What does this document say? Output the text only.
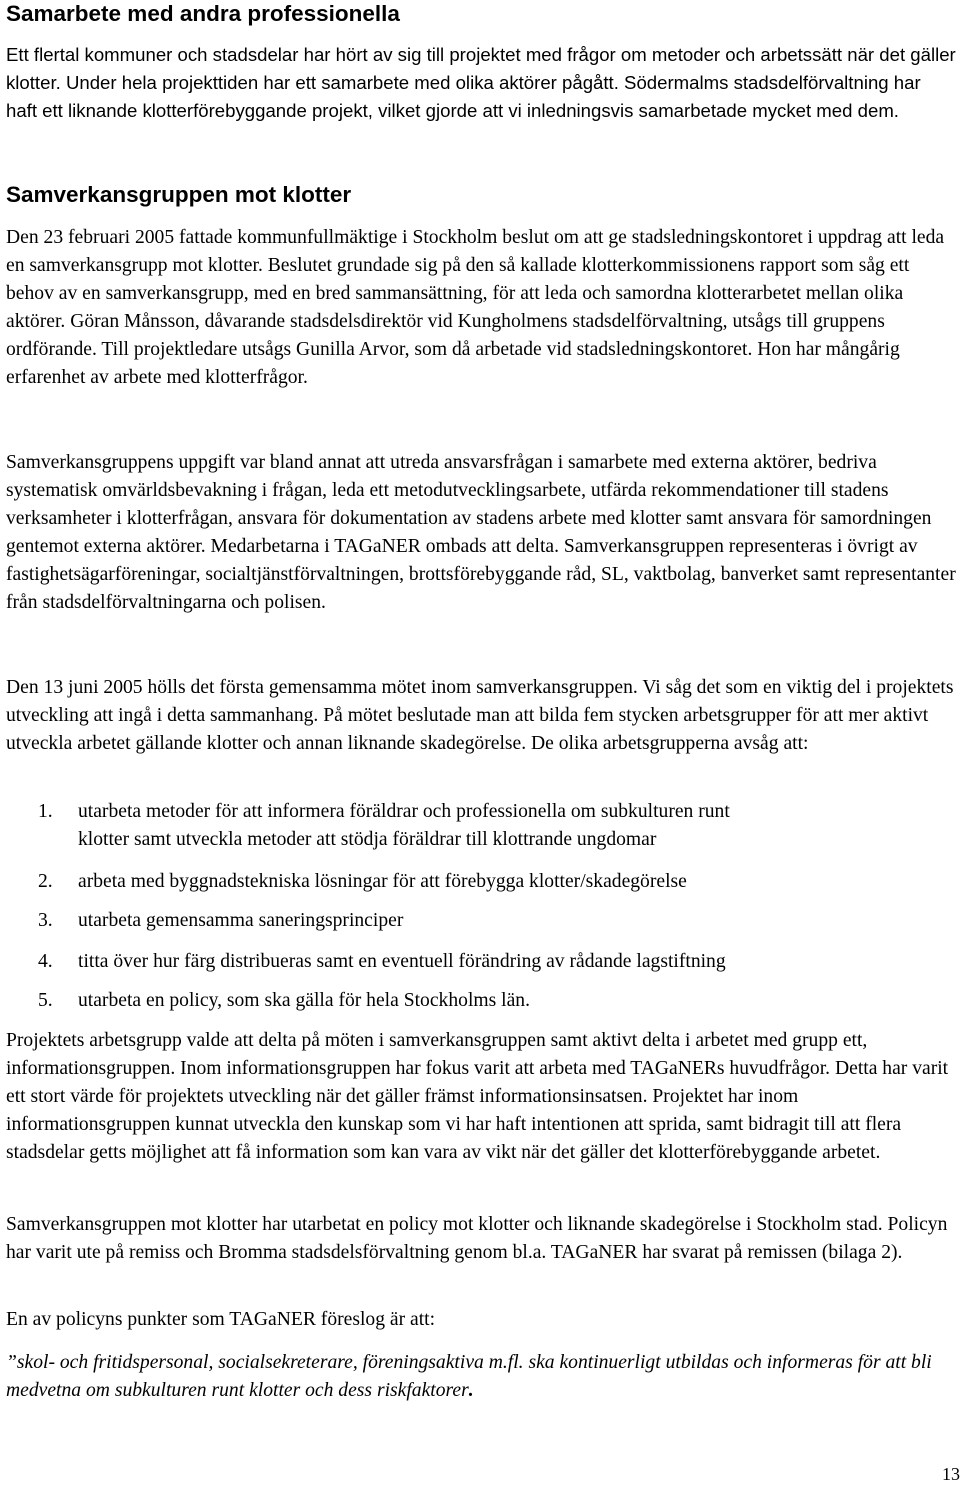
Samarbete med andra professionella

Ett flertal kommuner och stadsdelar har hört av sig till projektet med frågor om metoder och arbetssätt när det gäller klotter. Under hela projekttiden har ett samarbete med olika aktörer pågått. Södermalms stadsdelförvaltning har haft ett liknande klotterförebyggande projekt, vilket gjorde att vi inledningsvis samarbetade mycket med dem.

Samverkansgruppen mot klotter

Den 23 februari 2005 fattade kommunfullmäktige i Stockholm beslut om att ge stadsledningskontoret i uppdrag att leda en samverkansgrupp mot klotter. Beslutet grundade sig på den så kallade klotterkommissionens rapport som såg ett behov av en samverkansgrupp, med en bred sammansättning, för att leda och samordna klotterarbetet mellan olika aktörer. Göran Månsson, dåvarande stadsdelsdirektör vid Kungholmens stadsdelförvaltning, utsågs till gruppens ordförande. Till projektledare utsågs Gunilla Arvor, som då arbetade vid stadsledningskontoret. Hon har mångårig erfarenhet av arbete med klotterfrågor.

Samverkansgruppens uppgift var bland annat att utreda ansvarsfrågan i samarbete med externa aktörer, bedriva systematisk omvärldsbevakning i frågan, leda ett metodutvecklingsarbete, utfärda rekommendationer till stadens verksamheter i klotterfrågan, ansvara för dokumentation av stadens arbete med klotter samt ansvara för samordningen gentemot externa aktörer. Medarbetarna i TAGaNER ombads att delta. Samverkansgruppen representeras i övrigt av fastighetsägarföreningar, socialtjänstförvaltningen, brottsförebyggande råd, SL, vaktbolag, banverket samt representanter från stadsdelförvaltningarna och polisen.

Den 13 juni 2005 hölls det första gemensamma mötet inom samverkansgruppen. Vi såg det som en viktig del i projektets utveckling att ingå i detta sammanhang. På mötet beslutade man att bilda fem stycken arbetsgrupper för att mer aktivt utveckla arbetet gällande klotter och annan liknande skadegörelse. De olika arbetsgrupperna avsåg att:

1.	utarbeta metoder för att informera föräldrar och professionella om subkulturen runt
klotter samt utveckla metoder att stödja föräldrar till klottrande ungdomar
2.	arbeta med byggnadstekniska lösningar för att förebygga klotter/skadegörelse
3.	utarbeta gemensamma saneringsprinciper
4.	titta över hur färg distribueras samt en eventuell förändring av rådande lagstiftning
5.	utarbeta en policy, som ska gälla för hela Stockholms län.

Projektets arbetsgrupp valde att delta på möten i samverkansgruppen samt aktivt delta i arbetet med grupp ett, informationsgruppen. Inom informationsgruppen har fokus varit att arbeta med TAGaNERs huvudfrågor. Detta har varit ett stort värde för projektets utveckling när det gäller främst informationsinsatsen. Projektet har inom informationsgruppen kunnat utveckla den kunskap som vi har haft intentionen att sprida, samt bidragit till att flera stadsdelar getts möjlighet att få information som kan vara av vikt när det gäller det klotterförebyggande arbetet.

Samverkansgruppen mot klotter har utarbetat en policy mot klotter och liknande skadegörelse i Stockholm stad. Policyn har varit ute på remiss och Bromma stadsdelsförvaltning genom bl.a. TAGaNER har svarat på remissen (bilaga 2).

En av policyns punkter som TAGaNER föreslog är att:

”skol- och fritidspersonal, socialsekreterare, föreningsaktiva m.fl. ska kontinuerligt utbildas och informeras för att bli medvetna om subkulturen runt klotter och dess riskfaktorer.

13
